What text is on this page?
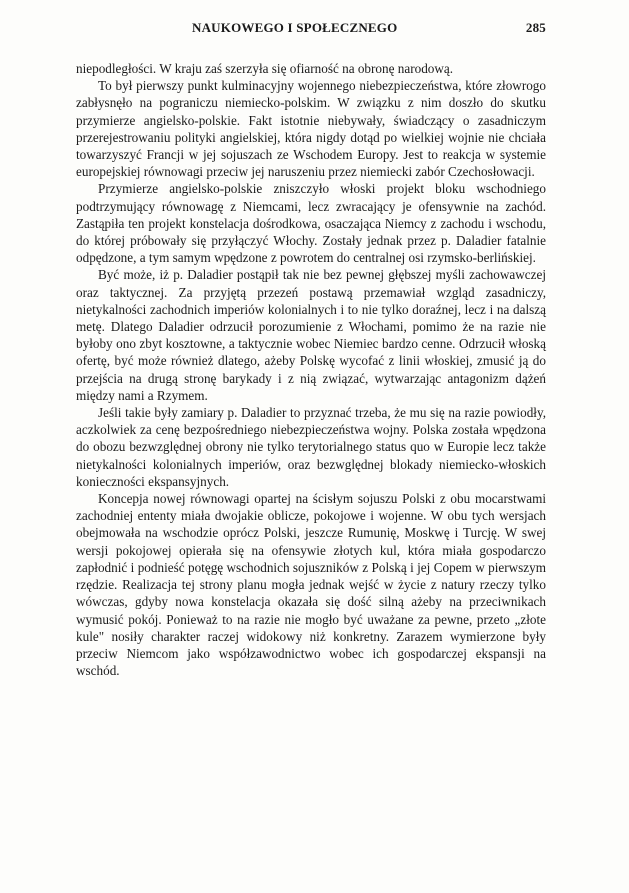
NAUKOWEGO I SPOŁECZNEGO	285

niepodległości. W kraju zaś szerzyła się ofiarność na obronę narodową.

To był pierwszy punkt kulminacyjny wojennego niebezpieczeństwa, które złowrogo zabłysnęło na pograniczu niemiecko-polskim. W związku z nim doszło do skutku przymierze angielsko-polskie. Fakt istotnie niebywały, świadczący o zasadniczym przerejestrowaniu polityki angielskiej, która nigdy dotąd po wielkiej wojnie nie chciała towarzyszyć Francji w jej sojuszach ze Wschodem Europy. Jest to reakcja w systemie europejskiej równowagi przeciw jej naruszeniu przez niemiecki zabór Czechosłowacji.

Przymierze angielsko-polskie zniszczyło włoski projekt bloku wschodniego podtrzymujący równowagę z Niemcami, lecz zwracający je ofensywnie na zachód. Zastąpiła ten projekt konstelacja dośrodkowa, osaczająca Niemcy z zachodu i wschodu, do której próbowały się przyłączyć Włochy. Zostały jednak przez p. Daladier fatalnie odpędzone, a tym samym wpędzone z powrotem do centralnej osi rzymsko-berlińskiej.

Być może, iż p. Daladier postąpił tak nie bez pewnej głębszej myśli zachowawczej oraz taktycznej. Za przyjętą przezeń postawą przemawiał wzgląd zasadniczy, nietykalności zachodnich imperiów kolonialnych i to nie tylko doraźnej, lecz i na dalszą metę. Dlatego Daladier odrzucił porozumienie z Włochami, pomimo że na razie nie byłoby ono zbyt kosztowne, a taktycznie wobec Niemiec bardzo cenne. Odrzucił włoską ofertę, być może również dlatego, ażeby Polskę wycofać z linii włoskiej, zmusić ją do przejścia na drugą stronę barykady i z nią związać, wytwarzając antagonizm dążeń między nami a Rzymem.

Jeśli takie były zamiary p. Daladier to przyznać trzeba, że mu się na razie powiodły, aczkolwiek za cenę bezpośredniego niebezpieczeństwa wojny. Polska została wpędzona do obozu bezwzględnej obrony nie tylko terytorialnego status quo w Europie lecz także nietykalności kolonialnych imperiów, oraz bezwględnej blokady niemiecko-włoskich konieczności ekspansyjnych.

Koncepja nowej równowagi opartej na ścisłym sojuszu Polski z obu mocarstwami zachodniej ententy miała dwojakie oblicze, pokojowe i wojenne. W obu tych wersjach obejmowała na wschodzie oprócz Polski, jeszcze Rumunię, Moskwę i Turcję. W swej wersji pokojowej opierała się na ofensywie złotych kul, która miała gospodarczo zapłodnić i podnieść potęgę wschodnich sojuszników z Polską i jej Copem w pierwszym rzędzie. Realizacja tej strony planu mogła jednak wejść w życie z natury rzeczy tylko wówczas, gdyby nowa konstelacja okazała się dość silną ażeby na przeciwnikach wymusić pokój. Ponieważ to na razie nie mogło być uważane za pewne, przeto „złote kule" nosiły charakter raczej widokowy niż konkretny. Zarazem wymierzone były przeciw Niemcom jako współzawodnictwo wobec ich gospodarczej ekspansji na wschód.
